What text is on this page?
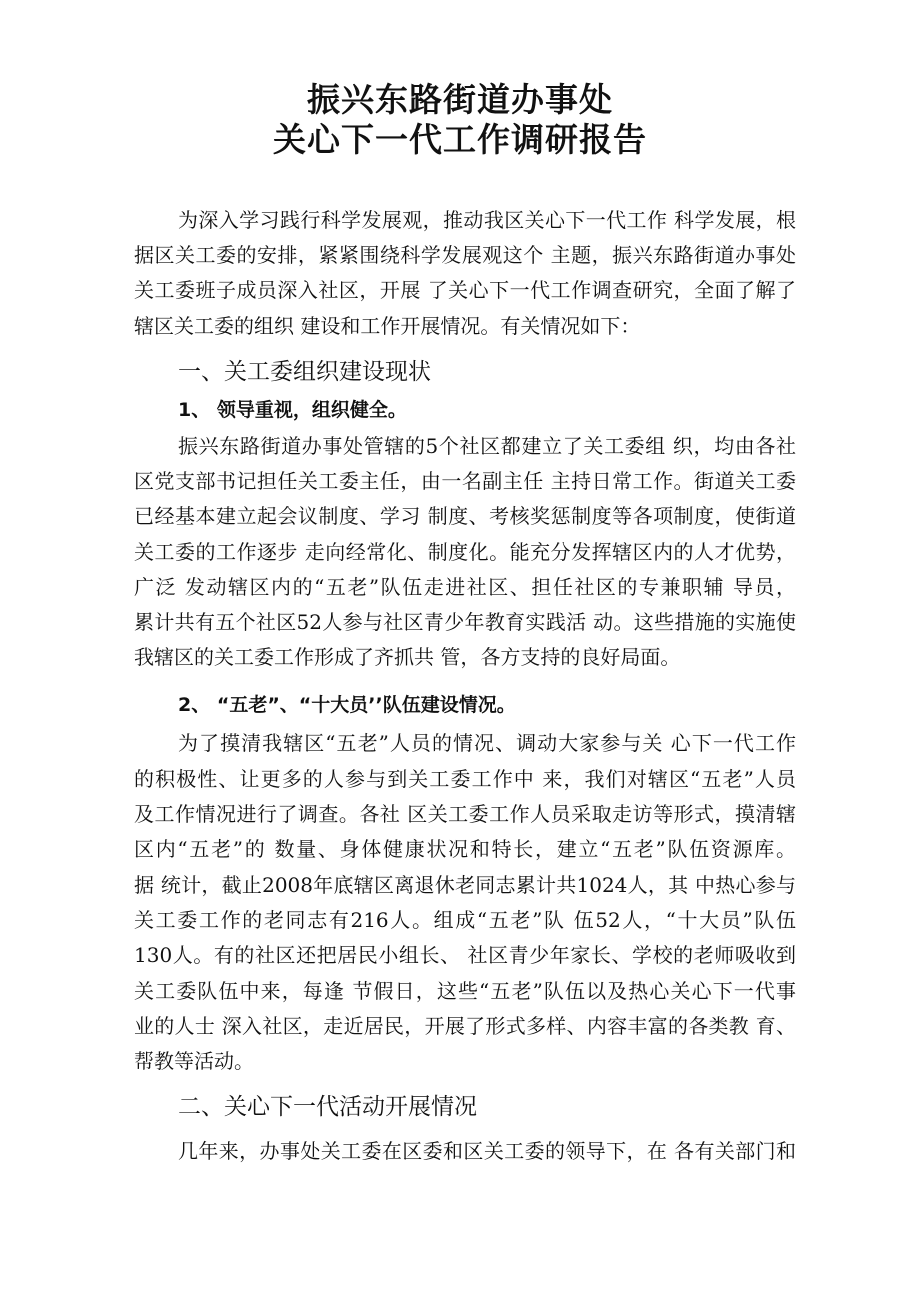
振兴东路街道办事处
关心下一代工作调研报告
为深入学习践行科学发展观，推动我区关心下一代工作 科学发展，根
据区关工委的安排，紧紧围绕科学发展观这个 主题，振兴东路街道办事处
关工委班子成员深入社区，开展 了关心下一代工作调查研究，全面了解了
辖区关工委的组织 建设和工作开展情况。有关情况如下：
一、关工委组织建设现状
1、 领导重视，组织健全。
振兴东路街道办事处管辖的5个社区都建立了关工委组 织，均由各社
区党支部书记担任关工委主任，由一名副主任 主持日常工作。街道关工委
已经基本建立起会议制度、学习 制度、考核奖惩制度等各项制度，使街道
关工委的工作逐步 走向经常化、制度化。能充分发挥辖区内的人才优势，
广泛 发动辖区内的“五老”队伍走进社区、担任社区的专兼职辅 导员，
累计共有五个社区52人参与社区青少年教育实践活 动。这些措施的实施使
我辖区的关工委工作形成了齐抓共 管，各方支持的良好局面。
2、 “五老”、“十大员’’队伍建设情况。
为了摸清我辖区“五老”人员的情况、调动大家参与关 心下一代工作
的积极性、让更多的人参与到关工委工作中 来，我们对辖区“五老”人员
及工作情况进行了调查。各社 区关工委工作人员采取走访等形式，摸清辖
区内“五老”的 数量、身体健康状况和特长，建立“五老”队伍资源库。
据 统计，截止2008年底辖区离退休老同志累计共1024人，其 中热心参与
关工委工作的老同志有216人。组成“五老”队 伍52人，“十大员”队伍
130人。有的社区还把居民小组长、 社区青少年家长、学校的老师吸收到
关工委队伍中来，每逢 节假日，这些“五老”队伍以及热心关心下一代事
业的人士 深入社区，走近居民，开展了形式多样、内容丰富的各类教 育、
帮教等活动。
二、关心下一代活动开展情况
几年来，办事处关工委在区委和区关工委的领导下，在 各有关部门和
